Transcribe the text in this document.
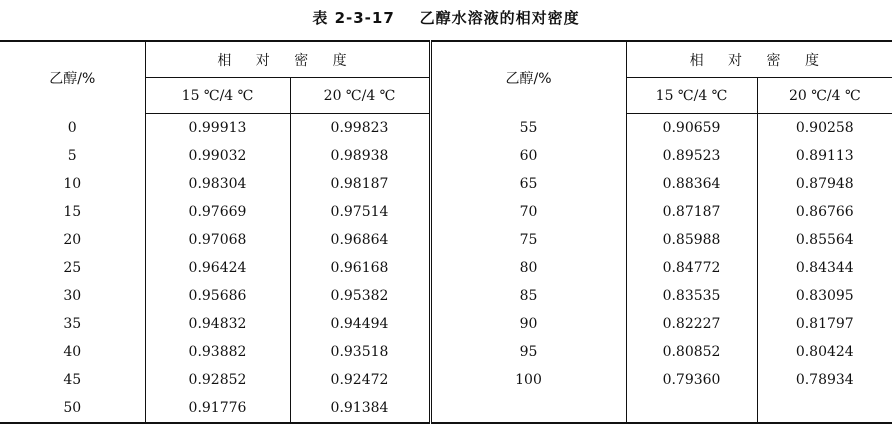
表 2-3-17    乙醇水溶液的相对密度
乙醇/%	相 对 密 度		乙醇/%	相 对 密 度	
	15 ℃/4 ℃	20 ℃/4 ℃		15 ℃/4 ℃	20 ℃/4 ℃
0	0.99913	0.99823	55	0.90659	0.90258
5	0.99032	0.98938	60	0.89523	0.89113
10	0.98304	0.98187	65	0.88364	0.87948
15	0.97669	0.97514	70	0.87187	0.86766
20	0.97068	0.96864	75	0.85988	0.85564
25	0.96424	0.96168	80	0.84772	0.84344
30	0.95686	0.95382	85	0.83535	0.83095
35	0.94832	0.94494	90	0.82227	0.81797
40	0.93882	0.93518	95	0.80852	0.80424
45	0.92852	0.92472	100	0.79360	0.78934
50	0.91776	0.91384			
